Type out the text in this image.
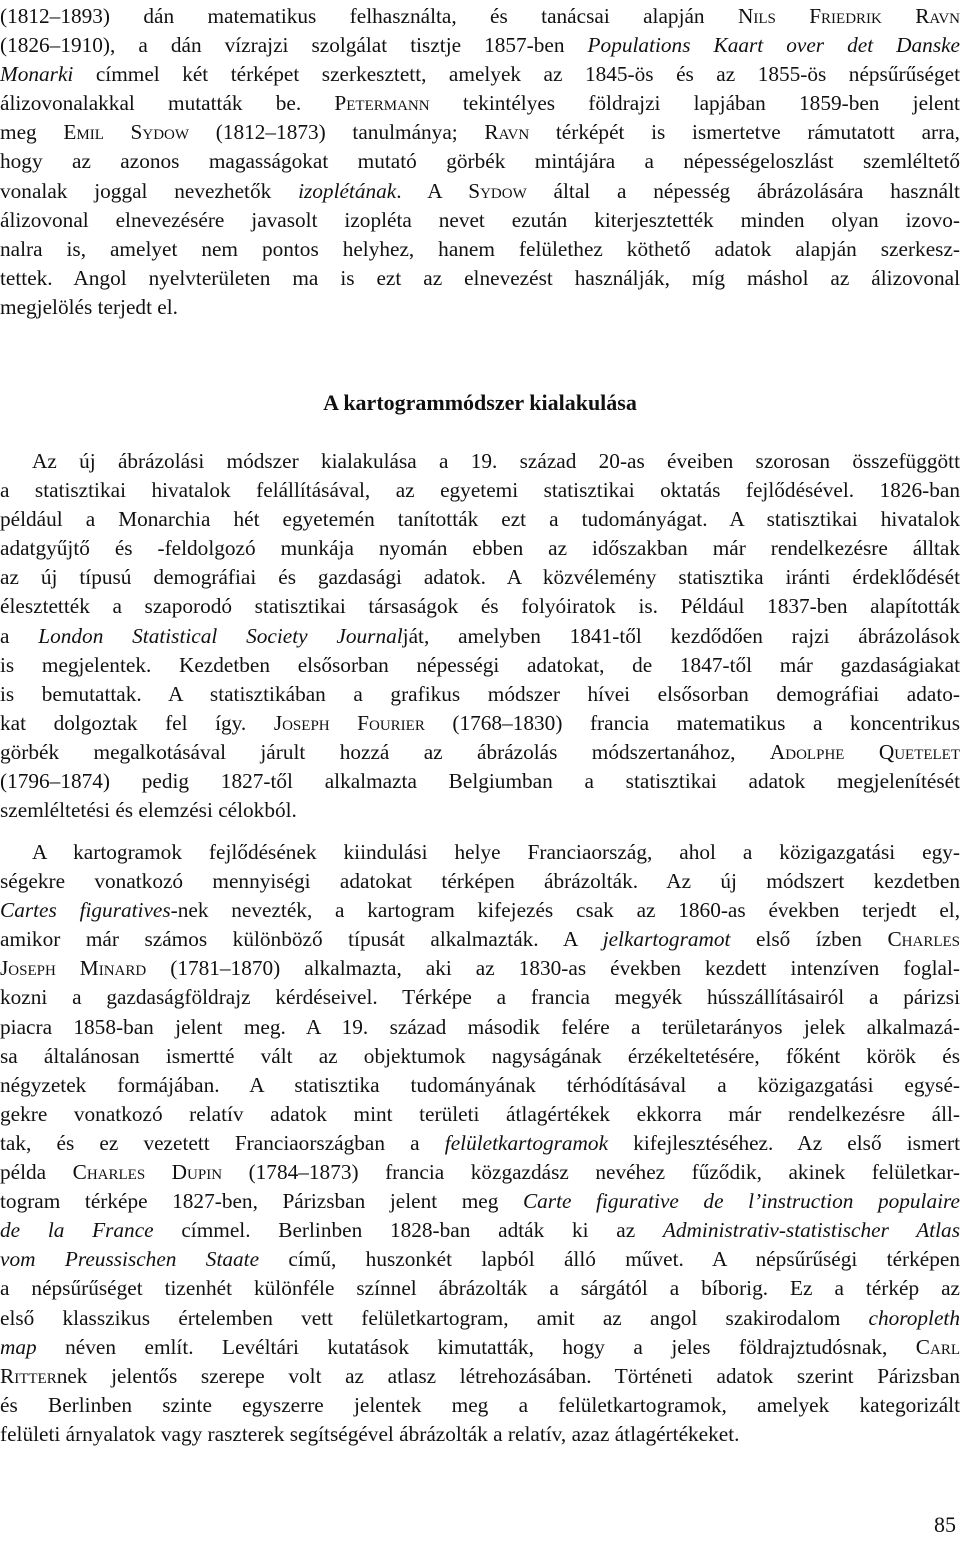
(1812–1893) dán matematikus felhasználta, és tanácsai alapján Nils Friedrik Ravn
(1826–1910), a dán vízrajzi szolgálat tisztje 1857-ben Populations Kaart over det Danske
Monarki címmel két térképet szerkesztett, amelyek az 1845-ös és az 1855-ös népsűrűséget
álizovonalakkal mutatták be. Petermann tekintélyes földrajzi lapjában 1859-ben jelent
meg Emil Sydow (1812–1873) tanulmánya; Ravn térképét is ismertetve rámutatott arra,
hogy az azonos magasságokat mutató görbék mintájára a népességeloszlást szemléltető
vonalak joggal nevezhetők izoplétának. A Sydow által a népesség ábrázolására használt
álizovonal elnevezésére javasolt izopléta nevet ezután kiterjesztették minden olyan izovo-
nalra is, amelyet nem pontos helyhez, hanem felülethez köthető adatok alapján szerkesz-
tettek. Angol nyelvterületen ma is ezt az elnevezést használják, míg máshol az álizovonal
megjelölés terjedt el.
A kartogrammódszer kialakulása
Az új ábrázolási módszer kialakulása a 19. század 20-as éveiben szorosan összefüggött
a statisztikai hivatalok felállításával, az egyetemi statisztikai oktatás fejlődésével. 1826-ban
például a Monarchia hét egyetemén tanították ezt a tudományágat. A statisztikai hivatalok
adatgyűjtő és -feldolgozó munkája nyomán ebben az időszakban már rendelkezésre álltak
az új típusú demográfiai és gazdasági adatok. A közvélemény statisztika iránti érdeklődését
élesztették a szaporodó statisztikai társaságok és folyóiratok is. Például 1837-ben alapították
a London Statistical Society Journalját, amelyben 1841-től kezdődően rajzi ábrázolások
is megjelentek. Kezdetben elsősorban népességi adatokat, de 1847-től már gazdaságiakat
is bemutattak. A statisztikában a grafikus módszer hívei elsősorban demográfiai adato-
kat dolgoztak fel így. Joseph Fourier (1768–1830) francia matematikus a koncentrikus
görbék megalkotásával járult hozzá az ábrázolás módszertanához, Adolphe Quetelet
(1796–1874) pedig 1827-től alkalmazta Belgiumban a statisztikai adatok megjelenítését
szemléltetési és elemzési célokból.
A kartogramok fejlődésének kiindulási helye Franciaország, ahol a közigazgatási egy-
ségekre vonatkozó mennyiségi adatokat térképen ábrázolták. Az új módszert kezdetben
Cartes figuratives-nek nevezték, a kartogram kifejezés csak az 1860-as években terjedt el,
amikor már számos különböző típusát alkalmazták. A jelkartogramot első ízben Charles
Joseph Minard (1781–1870) alkalmazta, aki az 1830-as években kezdett intenzíven foglal-
kozni a gazdaságföldrajz kérdéseivel. Térképe a francia megyék hússzállításairól a párizsi
piacra 1858-ban jelent meg. A 19. század második felére a területarányos jelek alkalmazá-
sa általánosan ismertté vált az objektumok nagyságának érzékeltetésére, főként körök és
négyzetek formájában. A statisztika tudományának térhódításával a közigazgatási egysé-
gekre vonatkozó relatív adatok mint területi átlagértékek ekkorra már rendelkezésre áll-
tak, és ez vezetett Franciaországban a felületkartogramok kifejlesztéséhez. Az első ismert
példa Charles Dupin (1784–1873) francia közgazdász nevéhez fűződik, akinek felületkar-
togram térképe 1827-ben, Párizsban jelent meg Carte figurative de l’instruction populaire
de la France címmel. Berlinben 1828-ban adták ki az Administrativ-statistischer Atlas
vom Preussischen Staate című, huszonkét lapból álló művet. A népsűrűségi térképen
a népsűrűséget tizenhét különféle színnel ábrázolták a sárgától a bíborig. Ez a térkép az
első klasszikus értelemben vett felületkartogram, amit az angol szakirodalom choropleth
map néven említ. Levéltári kutatások kimutatták, hogy a jeles földrajztudósnak, Carl
Ritternek jelentős szerepe volt az atlasz létrehozásában. Történeti adatok szerint Párizsban
és Berlinben szinte egyszerre jelentek meg a felületkartogramok, amelyek kategorizált
felületi árnyalatok vagy raszterek segítségével ábrázolták a relatív, azaz átlagértékeket.
85
